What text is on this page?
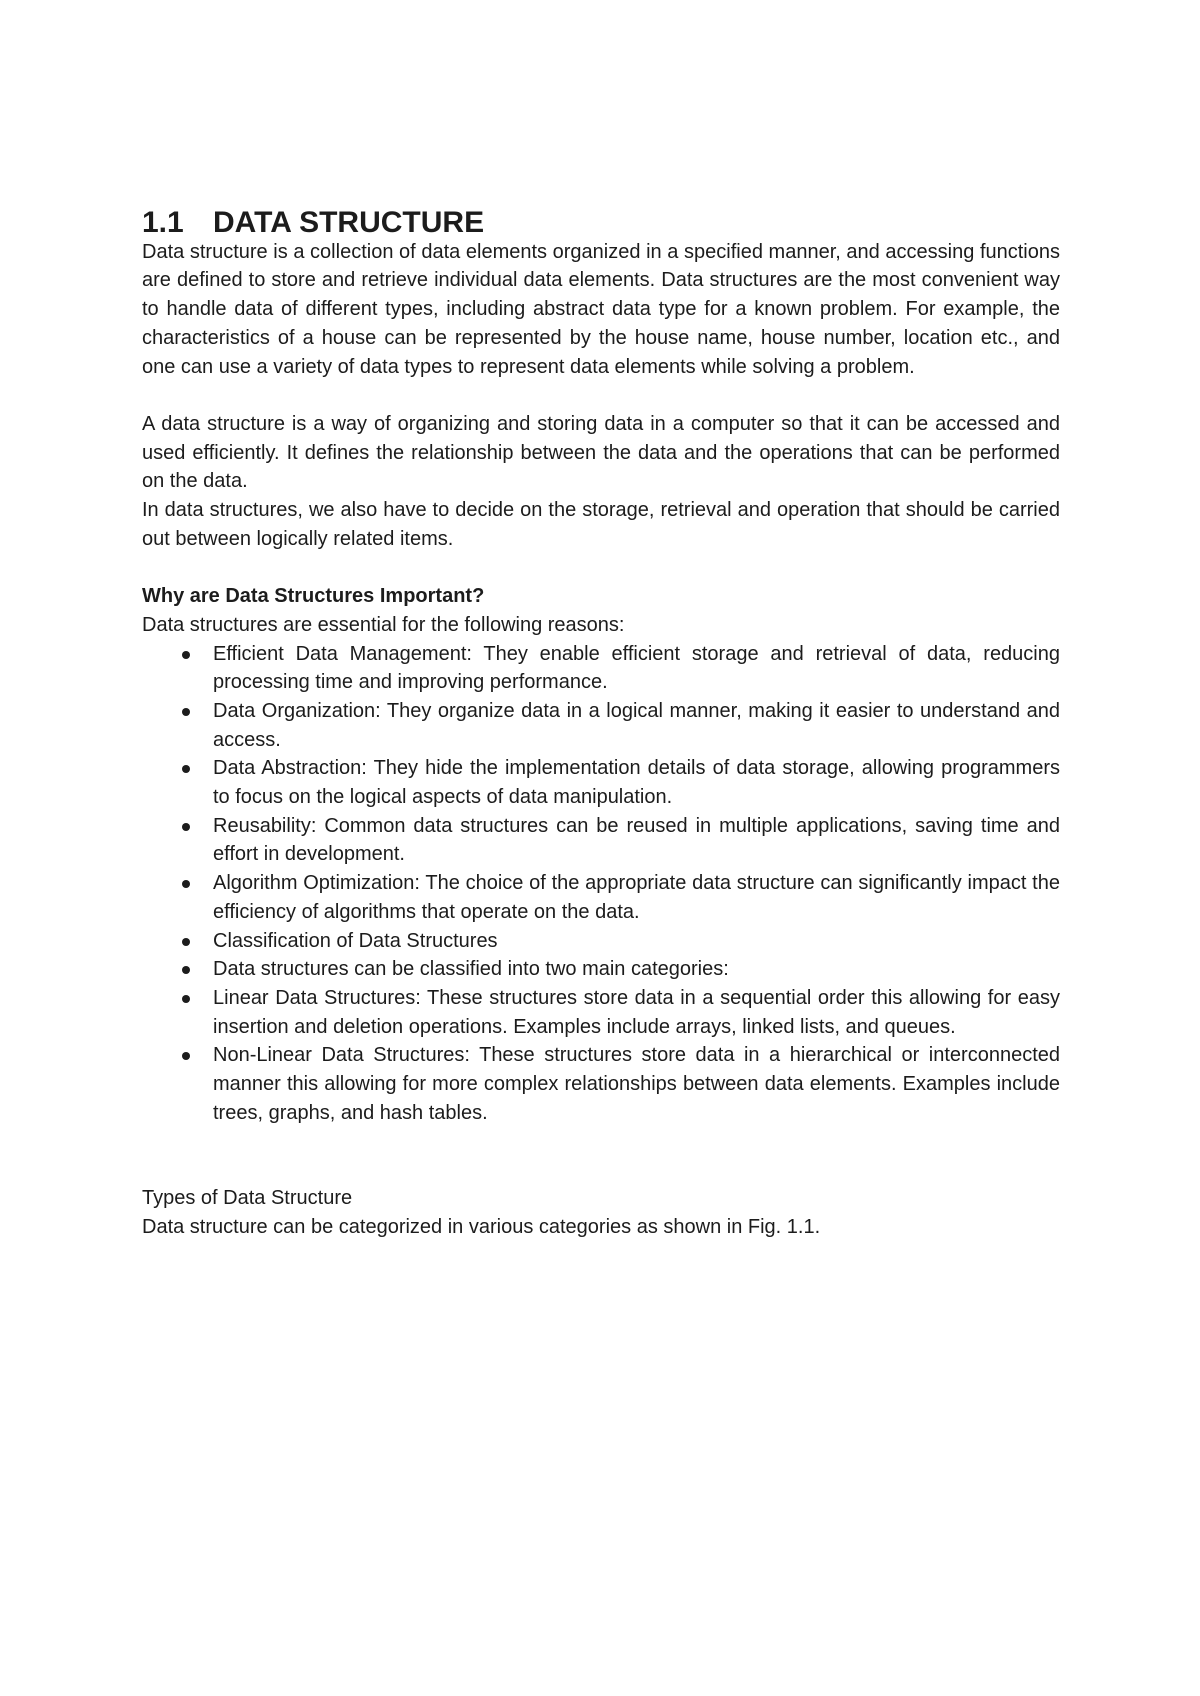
1.1 DATA STRUCTURE

Data structure is a collection of data elements organized in a specified manner, and accessing functions are defined to store and retrieve individual data elements. Data structures are the most convenient way to handle data of different types, including abstract data type for a known problem. For example, the characteristics of a house can be represented by the house name, house number, location etc., and one can use a variety of data types to represent data elements while solving a problem.

A data structure is a way of organizing and storing data in a computer so that it can be accessed and used efficiently. It defines the relationship between the data and the operations that can be performed on the data.

In data structures, we also have to decide on the storage, retrieval and operation that should be carried out between logically related items.

Why are Data Structures Important?
Data structures are essential for the following reasons:
Efficient Data Management: They enable efficient storage and retrieval of data, reducing processing time and improving performance.
Data Organization: They organize data in a logical manner, making it easier to understand and access.
Data Abstraction: They hide the implementation details of data storage, allowing programmers to focus on the logical aspects of data manipulation.
Reusability: Common data structures can be reused in multiple applications, saving time and effort in development.
Algorithm Optimization: The choice of the appropriate data structure can significantly impact the efficiency of algorithms that operate on the data.
Classification of Data Structures
Data structures can be classified into two main categories:
Linear Data Structures: These structures store data in a sequential order this allowing for easy insertion and deletion operations. Examples include arrays, linked lists, and queues.
Non-Linear Data Structures: These structures store data in a hierarchical or interconnected manner this allowing for more complex relationships between data elements. Examples include trees, graphs, and hash tables.
Types of Data Structure
Data structure can be categorized in various categories as shown in Fig. 1.1.
